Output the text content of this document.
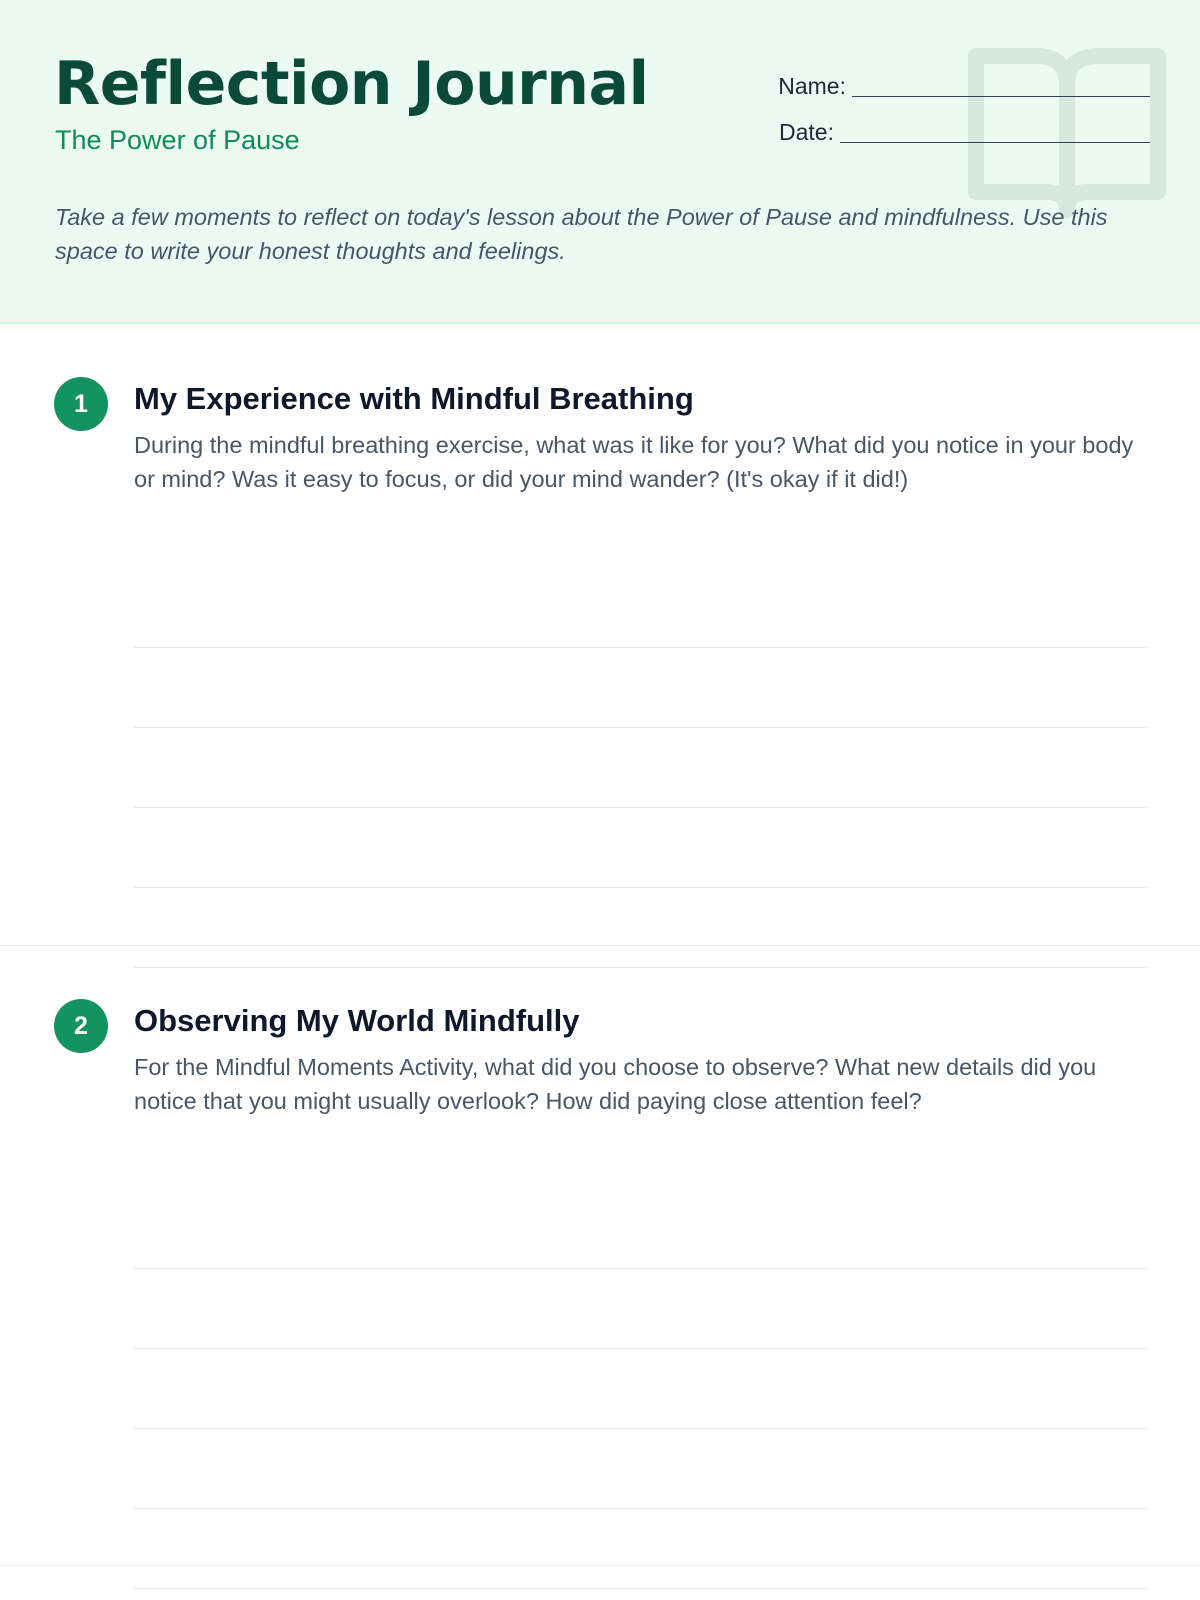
Reflection Journal

The Power of Pause

Name:
Date:

Take a few moments to reflect on today's lesson about the Power of Pause and mindfulness. Use this space to write your honest thoughts and feelings.

1	My Experience with Mindful Breathing

During the mindful breathing exercise, what was it like for you? What did you notice in your body or mind? Was it easy to focus, or did your mind wander? (It's okay if it did!)

2	Observing My World Mindfully

For the Mindful Moments Activity, what did you choose to observe? What new details did you notice that you might usually overlook? How did paying close attention feel?
